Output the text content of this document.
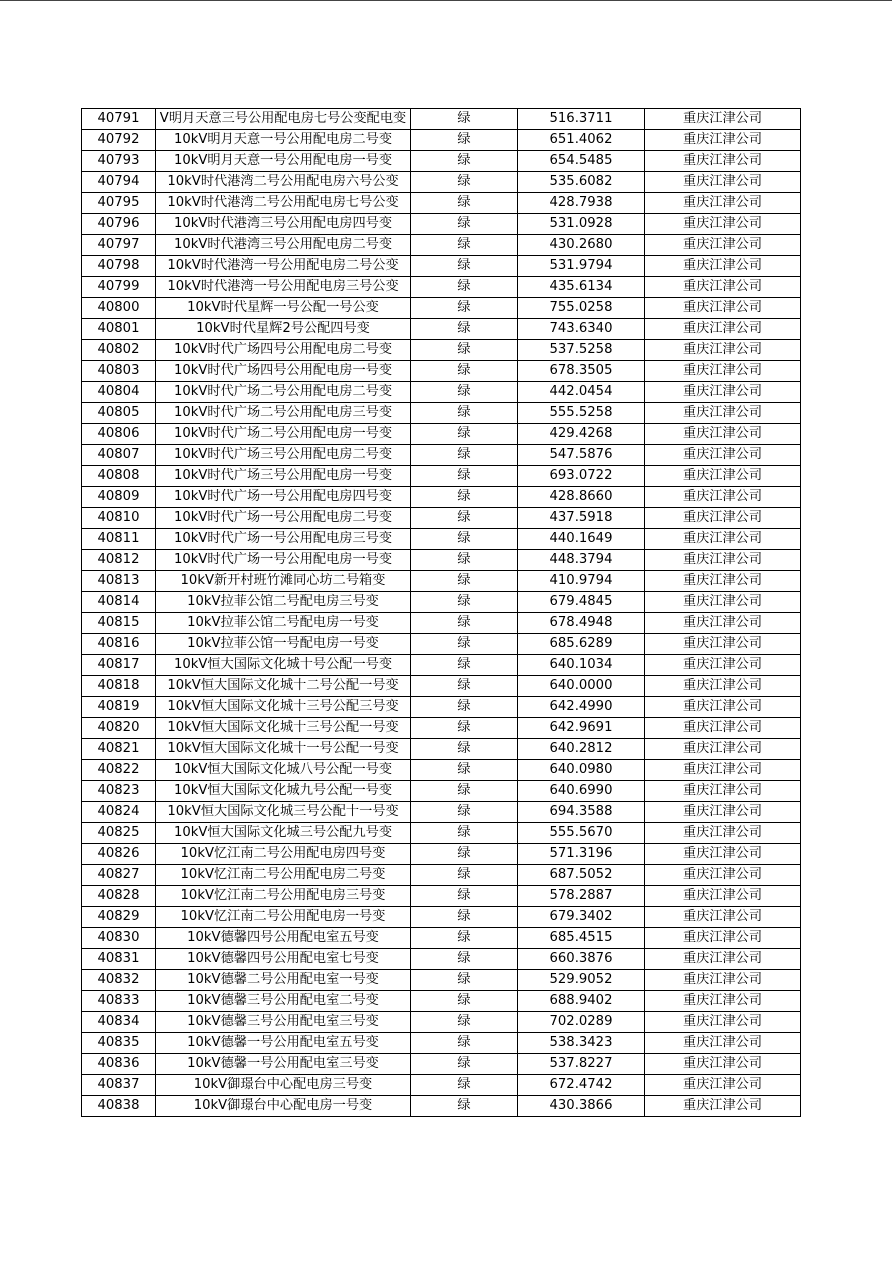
40791	V明月天意三号公用配电房七号公变配电变	绿	516.3711	重庆江津公司
40792	10kV明月天意一号公用配电房二号变	绿	651.4062	重庆江津公司
40793	10kV明月天意一号公用配电房一号变	绿	654.5485	重庆江津公司
40794	10kV时代港湾二号公用配电房六号公变	绿	535.6082	重庆江津公司
40795	10kV时代港湾二号公用配电房七号公变	绿	428.7938	重庆江津公司
40796	10kV时代港湾三号公用配电房四号变	绿	531.0928	重庆江津公司
40797	10kV时代港湾三号公用配电房二号变	绿	430.2680	重庆江津公司
40798	10kV时代港湾一号公用配电房二号公变	绿	531.9794	重庆江津公司
40799	10kV时代港湾一号公用配电房三号公变	绿	435.6134	重庆江津公司
40800	10kV时代星辉一号公配一号公变	绿	755.0258	重庆江津公司
40801	10kV时代星辉2号公配四号变	绿	743.6340	重庆江津公司
40802	10kV时代广场四号公用配电房二号变	绿	537.5258	重庆江津公司
40803	10kV时代广场四号公用配电房一号变	绿	678.3505	重庆江津公司
40804	10kV时代广场二号公用配电房二号变	绿	442.0454	重庆江津公司
40805	10kV时代广场二号公用配电房三号变	绿	555.5258	重庆江津公司
40806	10kV时代广场二号公用配电房一号变	绿	429.4268	重庆江津公司
40807	10kV时代广场三号公用配电房二号变	绿	547.5876	重庆江津公司
40808	10kV时代广场三号公用配电房一号变	绿	693.0722	重庆江津公司
40809	10kV时代广场一号公用配电房四号变	绿	428.8660	重庆江津公司
40810	10kV时代广场一号公用配电房二号变	绿	437.5918	重庆江津公司
40811	10kV时代广场一号公用配电房三号变	绿	440.1649	重庆江津公司
40812	10kV时代广场一号公用配电房一号变	绿	448.3794	重庆江津公司
40813	10kV新开村班竹滩同心坊二号箱变	绿	410.9794	重庆江津公司
40814	10kV拉菲公馆二号配电房三号变	绿	679.4845	重庆江津公司
40815	10kV拉菲公馆二号配电房一号变	绿	678.4948	重庆江津公司
40816	10kV拉菲公馆一号配电房一号变	绿	685.6289	重庆江津公司
40817	10kV恒大国际文化城十号公配一号变	绿	640.1034	重庆江津公司
40818	10kV恒大国际文化城十二号公配一号变	绿	640.0000	重庆江津公司
40819	10kV恒大国际文化城十三号公配三号变	绿	642.4990	重庆江津公司
40820	10kV恒大国际文化城十三号公配一号变	绿	642.9691	重庆江津公司
40821	10kV恒大国际文化城十一号公配一号变	绿	640.2812	重庆江津公司
40822	10kV恒大国际文化城八号公配一号变	绿	640.0980	重庆江津公司
40823	10kV恒大国际文化城九号公配一号变	绿	640.6990	重庆江津公司
40824	10kV恒大国际文化城三号公配十一号变	绿	694.3588	重庆江津公司
40825	10kV恒大国际文化城三号公配九号变	绿	555.5670	重庆江津公司
40826	10kV忆江南二号公用配电房四号变	绿	571.3196	重庆江津公司
40827	10kV忆江南二号公用配电房二号变	绿	687.5052	重庆江津公司
40828	10kV忆江南二号公用配电房三号变	绿	578.2887	重庆江津公司
40829	10kV忆江南二号公用配电房一号变	绿	679.3402	重庆江津公司
40830	10kV德馨四号公用配电室五号变	绿	685.4515	重庆江津公司
40831	10kV德馨四号公用配电室七号变	绿	660.3876	重庆江津公司
40832	10kV德馨二号公用配电室一号变	绿	529.9052	重庆江津公司
40833	10kV德馨三号公用配电室二号变	绿	688.9402	重庆江津公司
40834	10kV德馨三号公用配电室三号变	绿	702.0289	重庆江津公司
40835	10kV德馨一号公用配电室五号变	绿	538.3423	重庆江津公司
40836	10kV德馨一号公用配电室三号变	绿	537.8227	重庆江津公司
40837	10kV御璟台中心配电房三号变	绿	672.4742	重庆江津公司
40838	10kV御璟台中心配电房一号变	绿	430.3866	重庆江津公司
